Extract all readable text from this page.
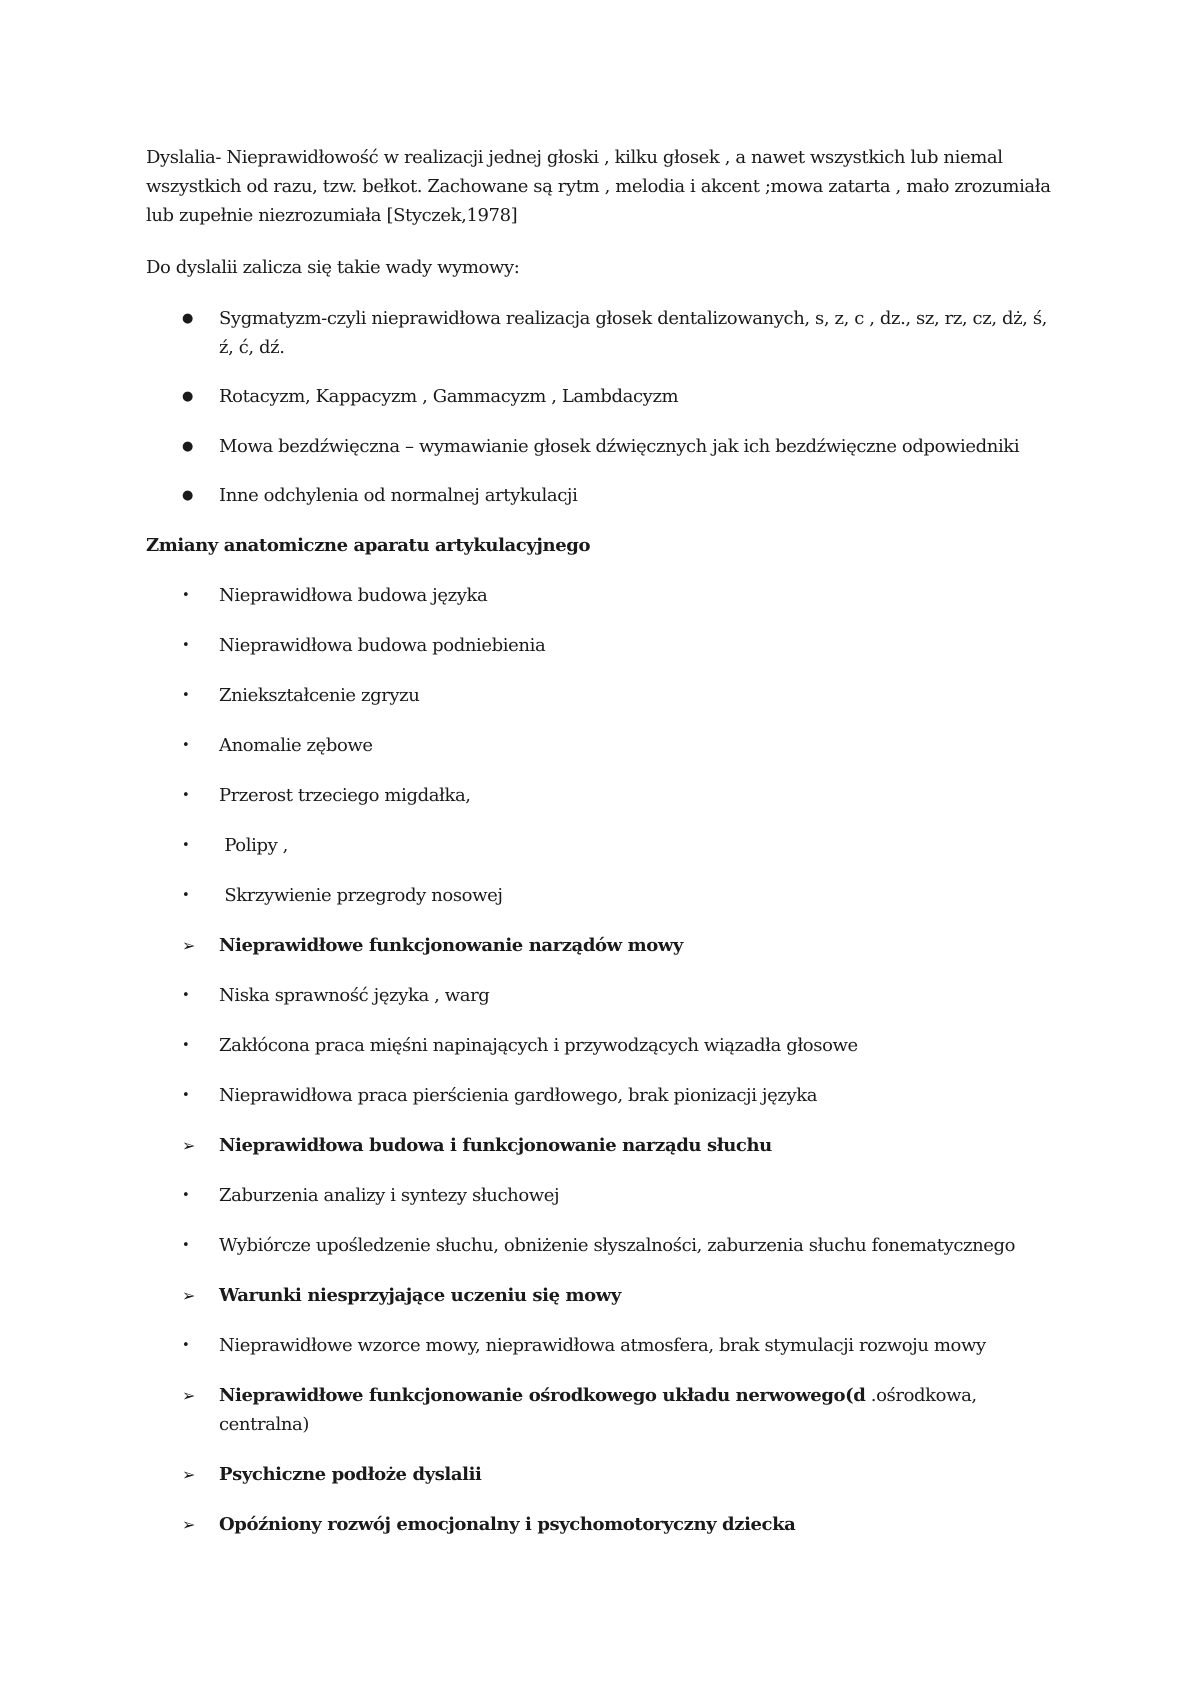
Dyslalia- Nieprawidłowość w realizacji jednej głoski , kilku głosek , a nawet wszystkich lub niemal wszystkich od razu, tzw. bełkot. Zachowane są rytm , melodia i akcent ;mowa zatarta , mało zrozumiała lub zupełnie niezrozumiała [Styczek,1978]
Do dyslalii zalicza się takie wady wymowy:
●	Sygmatyzm-czyli nieprawidłowa realizacja głosek dentalizowanych, s, z, c , dz., sz, rz, cz, dż, ś, ź, ć, dź.
●	Rotacyzm, Kappacyzm , Gammacyzm , Lambdacyzm
●	Mowa bezdźwięczna – wymawianie głosek dźwięcznych jak ich bezdźwięczne odpowiedniki
●	Inne odchylenia od normalnej artykulacji
Zmiany anatomiczne aparatu artykulacyjnego
•	Nieprawidłowa budowa języka
•	Nieprawidłowa budowa podniebienia
•	Zniekształcenie zgryzu
•	Anomalie zębowe
•	Przerost trzeciego migdałka,
•	Polipy ,
•	Skrzywienie przegrody nosowej
➢	Nieprawidłowe funkcjonowanie narządów mowy
•	Niska sprawność języka , warg
•	Zakłócona praca mięśni napinających i przywodzących wiązadła głosowe
•	Nieprawidłowa praca pierścienia gardłowego, brak pionizacji języka
➢	Nieprawidłowa budowa i funkcjonowanie narządu słuchu
•	Zaburzenia analizy i syntezy słuchowej
•	Wybiórcze upośledzenie słuchu, obniżenie słyszalności, zaburzenia słuchu fonematycznego
➢	Warunki niesprzyjające uczeniu się mowy
•	Nieprawidłowe wzorce mowy, nieprawidłowa atmosfera, brak stymulacji rozwoju mowy
➢	Nieprawidłowe funkcjonowanie ośrodkowego układu nerwowego(d .ośrodkowa, centralna)
➢	Psychiczne podłoże dyslalii
➢	Opóźniony rozwój emocjonalny i psychomotoryczny dziecka
